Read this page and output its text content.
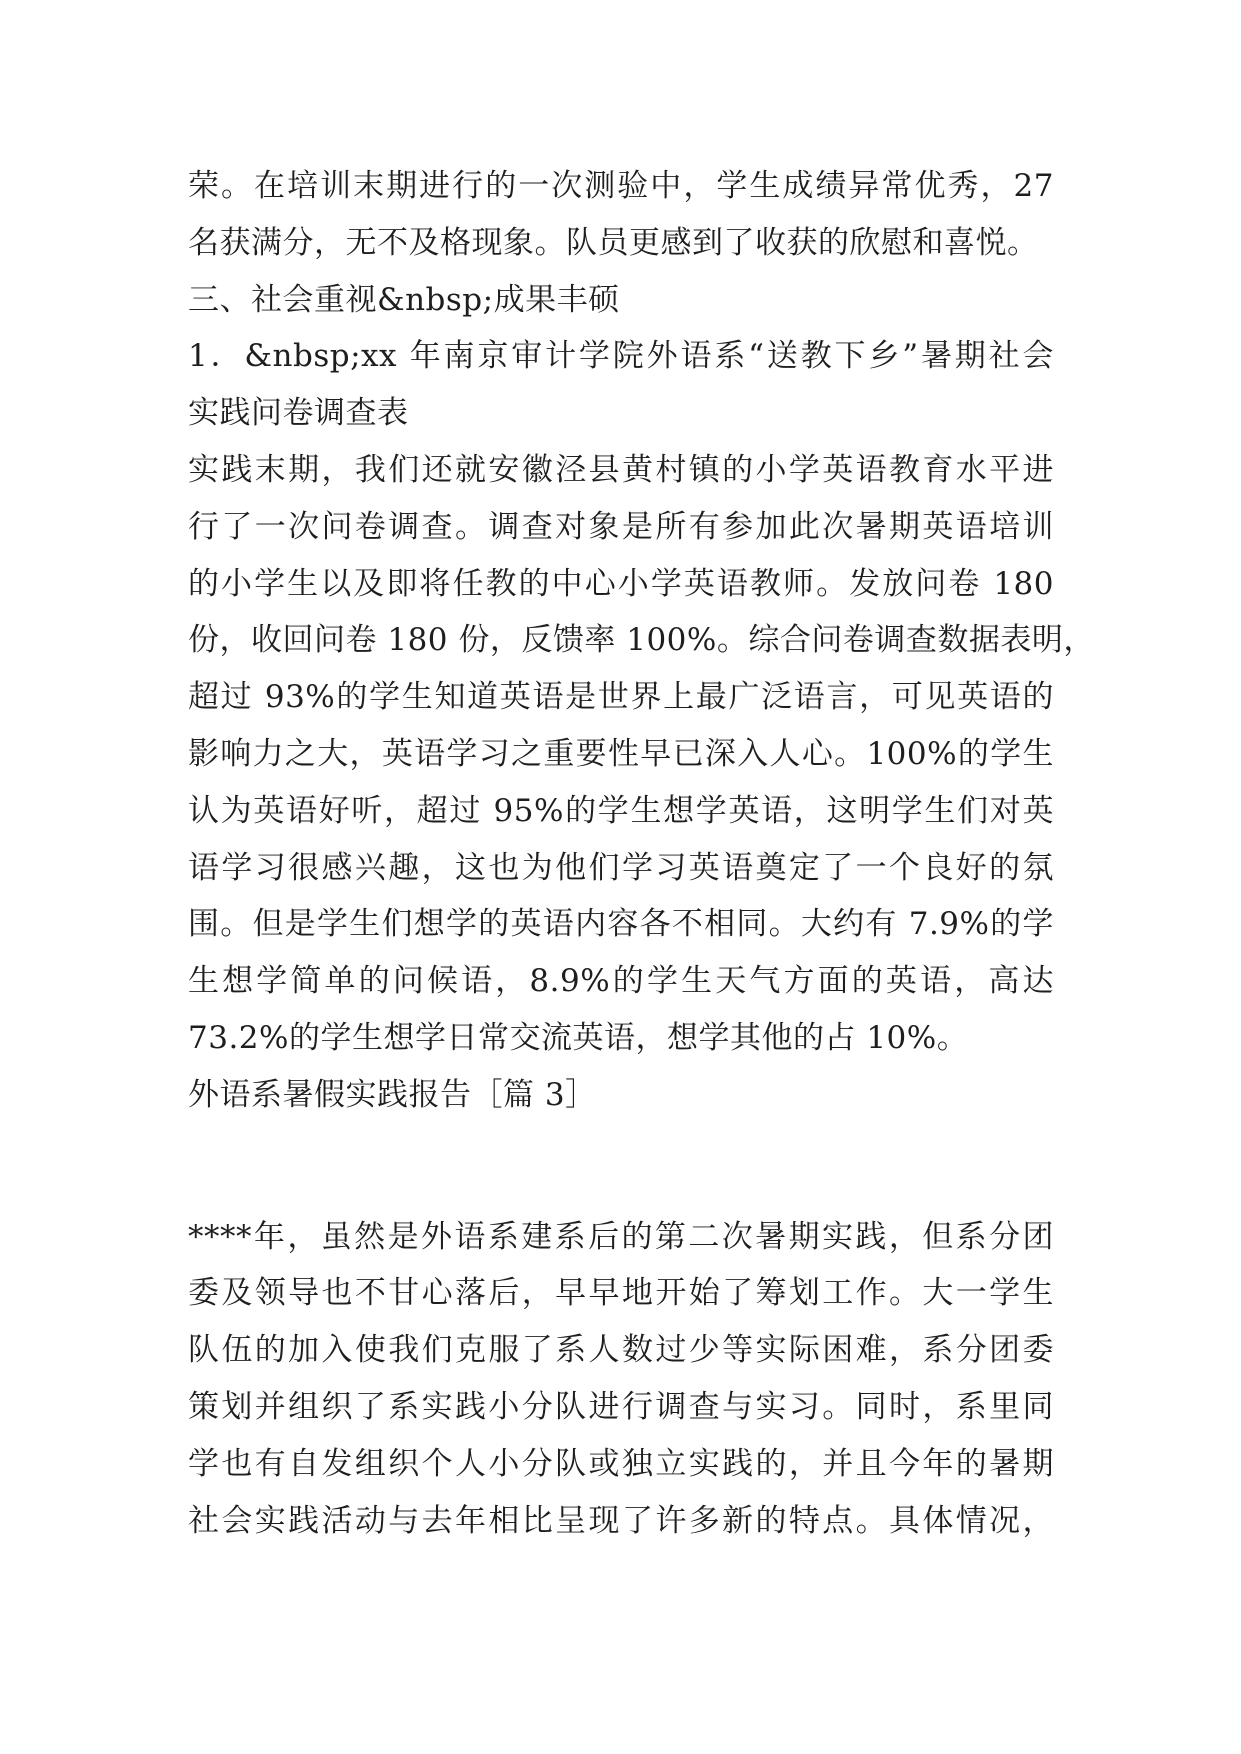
荣。在培训末期进行的一次测验中，学生成绩异常优秀，27
名获满分，无不及格现象。队员更感到了收获的欣慰和喜悦。
三、社会重视&nbsp;成果丰硕
1．&nbsp;xx 年南京审计学院外语系“送教下乡”暑期社会
实践问卷调查表
实践末期，我们还就安徽泾县黄村镇的小学英语教育水平进
行了一次问卷调查。调查对象是所有参加此次暑期英语培训
的小学生以及即将任教的中心小学英语教师。发放问卷 180
份，收回问卷 180 份，反馈率 100%。综合问卷调查数据表明，
超过 93%的学生知道英语是世界上最广泛语言，可见英语的
影响力之大，英语学习之重要性早已深入人心。100%的学生
认为英语好听，超过 95%的学生想学英语，这明学生们对英
语学习很感兴趣，这也为他们学习英语奠定了一个良好的氛
围。但是学生们想学的英语内容各不相同。大约有 7.9%的学
生想学简单的问候语，8.9%的学生天气方面的英语，高达
73.2%的学生想学日常交流英语，想学其他的占 10%。
外语系暑假实践报告［篇 3］
****年，虽然是外语系建系后的第二次暑期实践，但系分团
委及领导也不甘心落后，早早地开始了筹划工作。大一学生
队伍的加入使我们克服了系人数过少等实际困难，系分团委
策划并组织了系实践小分队进行调查与实习。同时，系里同
学也有自发组织个人小分队或独立实践的，并且今年的暑期
社会实践活动与去年相比呈现了许多新的特点。具体情况，
